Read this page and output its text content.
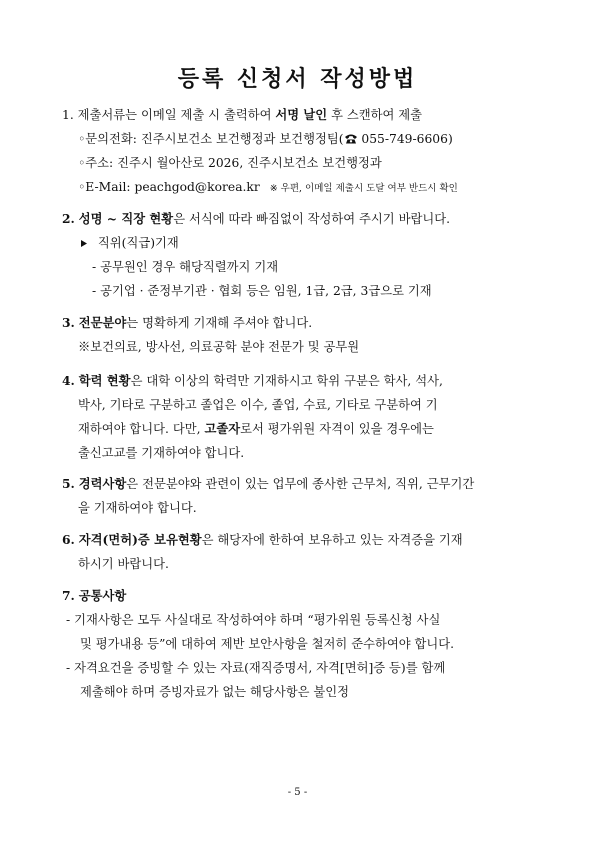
등록 신청서 작성방법
1. 제출서류는 이메일 제출 시 출력하여 서명 날인 후 스캔하여 제출
◦문의전화: 진주시보건소 보건행정과 보건행정팀( 055-749-6606)
◦주소: 진주시 월아산로 2026, 진주시보건소 보건행정과
◦E-Mail: peachgod@korea.kr ※ 우편, 이메일 제출시 도달 여부 반드시 확인
2. 성명 ~ 직장 현황은 서식에 따라 빠짐없이 작성하여 주시기 바랍니다.
직위(직급)기재
- 공무원인 경우 해당직렬까지 기재
- 공기업 · 준정부기관 · 협회 등은 임원, 1급, 2급, 3급으로 기재
3. 전문분야는 명확하게 기재해 주셔야 합니다.
※보건의료, 방사선, 의료공학 분야 전문가 및 공무원
4. 학력 현황은 대학 이상의 학력만 기재하시고 학위 구분은 학사, 석사,
박사, 기타로 구분하고 졸업은 이수, 졸업, 수료, 기타로 구분하여 기
재하여야 합니다. 다만, 고졸자로서 평가위원 자격이 있을 경우에는
출신고교를 기재하여야 합니다.
5. 경력사항은 전문분야와 관련이 있는 업무에 종사한 근무처, 직위, 근무기간
을 기재하여야 합니다.
6. 자격(면허)증 보유현황은 해당자에 한하여 보유하고 있는 자격증을 기재
하시기 바랍니다.
7. 공통사항
- 기재사항은 모두 사실대로 작성하여야 하며 “평가위원 등록신청 사실
및 평가내용 등”에 대하여 제반 보안사항을 철저히 준수하여야 합니다.
- 자격요건을 증빙할 수 있는 자료(재직증명서, 자격[면허]증 등)를 함께
제출해야 하며 증빙자료가 없는 해당사항은 불인정
- 5 -
